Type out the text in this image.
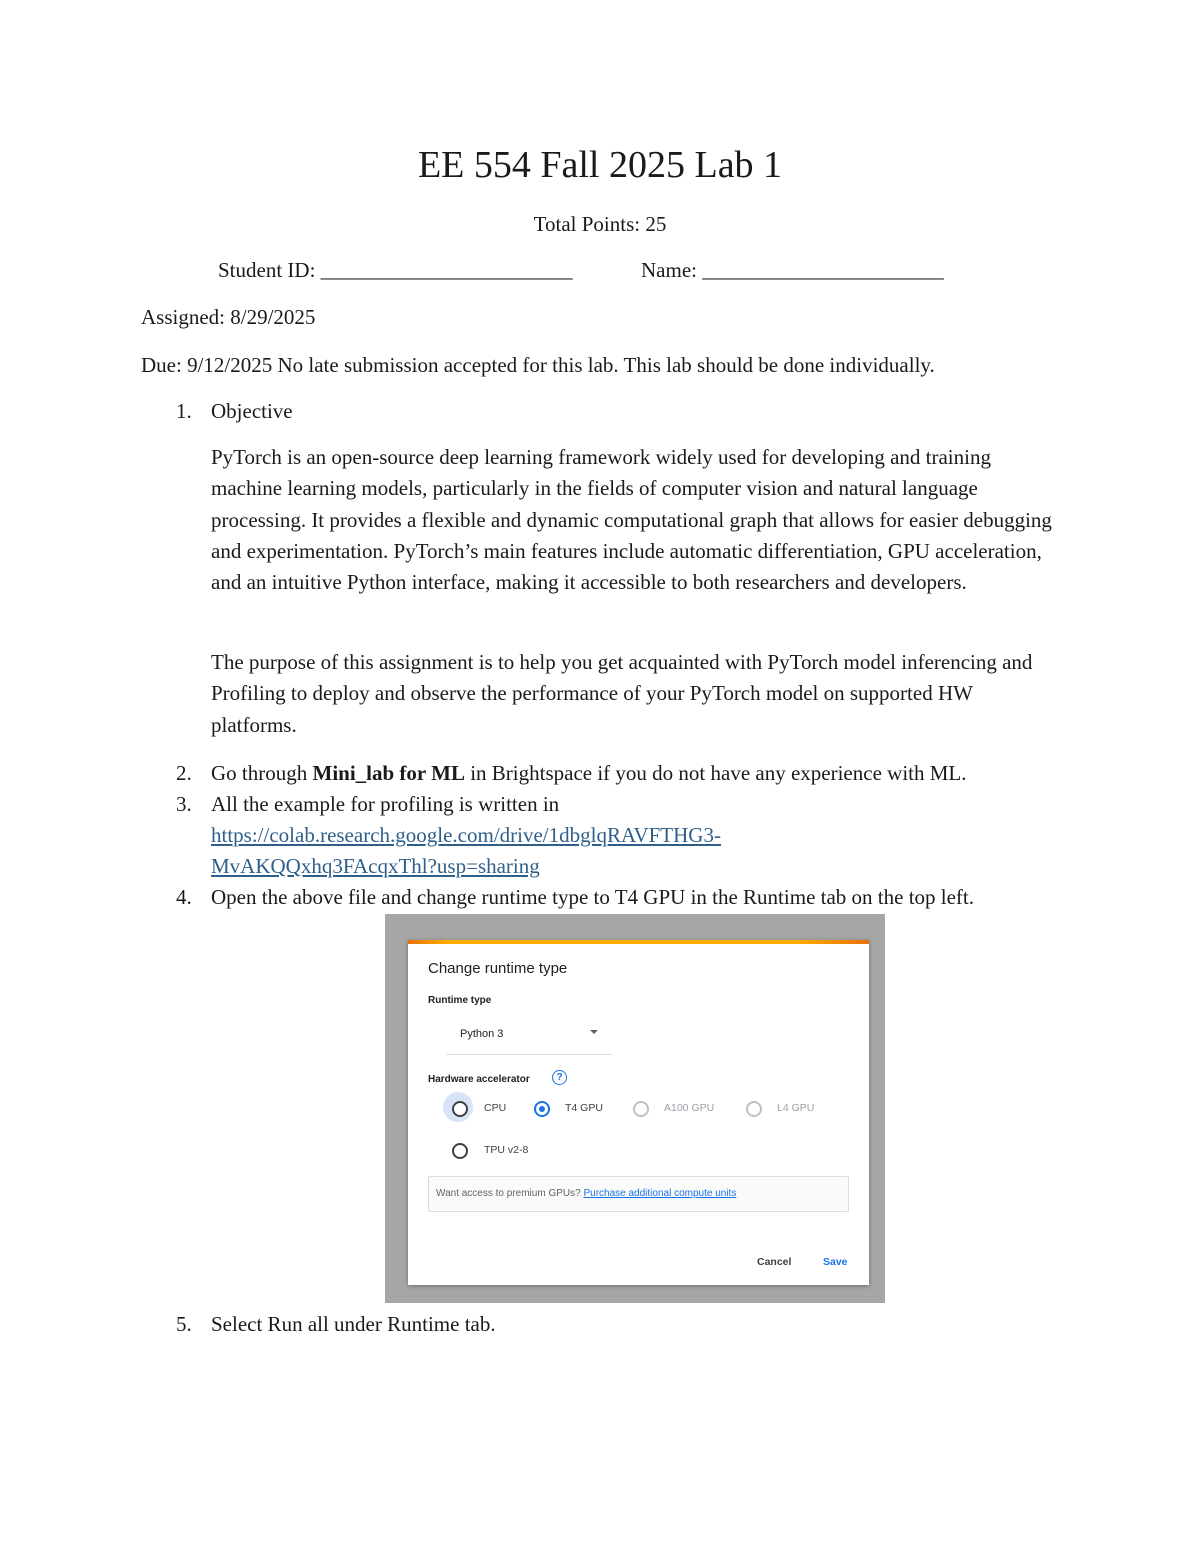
EE 554 Fall 2025 Lab 1

Total Points: 25

Student ID: ________________________	Name: _______________________

Assigned: 8/29/2025

Due: 9/12/2025 No late submission accepted for this lab. This lab should be done individually.

1. Objective

PyTorch is an open-source deep learning framework widely used for developing and training machine learning models, particularly in the fields of computer vision and natural language processing. It provides a flexible and dynamic computational graph that allows for easier debugging and experimentation. PyTorch’s main features include automatic differentiation, GPU acceleration, and an intuitive Python interface, making it accessible to both researchers and developers.

The purpose of this assignment is to help you get acquainted with PyTorch model inferencing and Profiling to deploy and observe the performance of your PyTorch model on supported HW platforms.

2. Go through Mini_lab for ML in Brightspace if you do not have any experience with ML.

3. All the example for profiling is written in

https://colab.research.google.com/drive/1dbglqRAVFTHG3-
MvAKQQxhq3FAcqxThl?usp=sharing
4. Open the above file and change runtime type to T4 GPU in the Runtime tab on the top left.

Change runtime type
Runtime type
Python 3
Hardware accelerator	?
CPU	T4 GPU	A100 GPU	L4 GPU
TPU v2-8
Want access to premium GPUs? Purchase additional compute units
Cancel	Save
5. Select Run all under Runtime tab.
